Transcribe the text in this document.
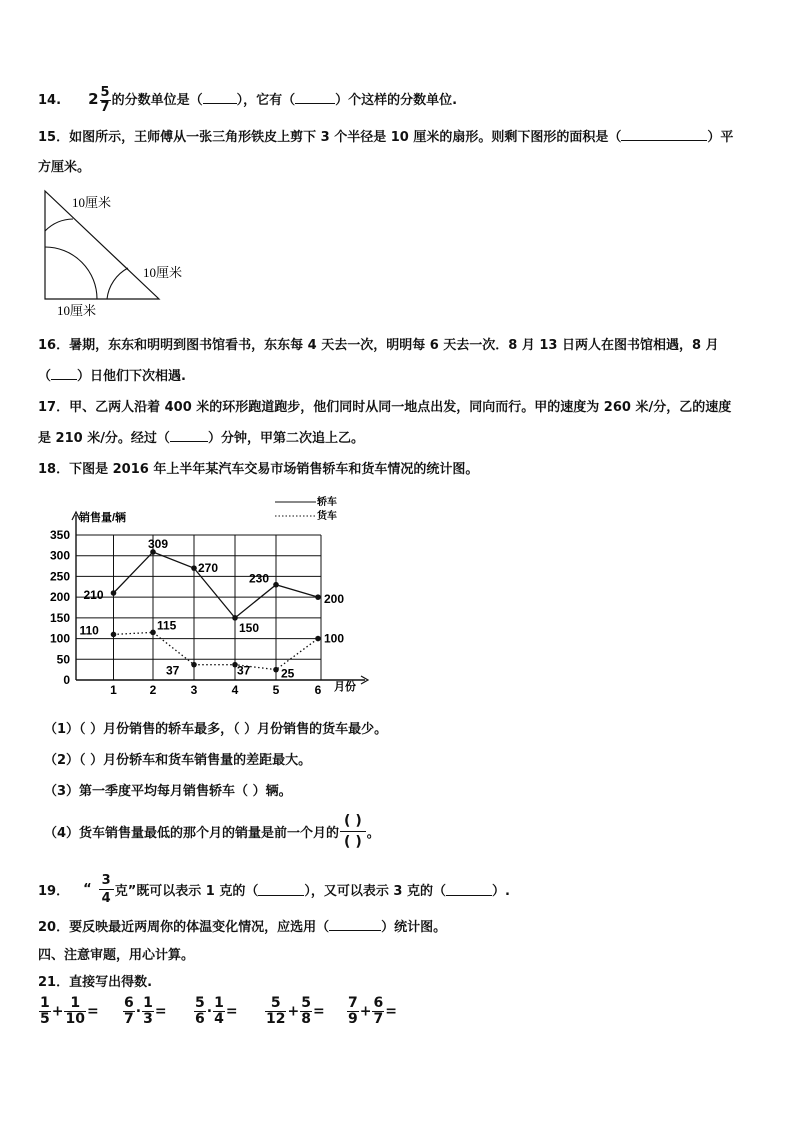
14. $2 \frac{5}{7}$ 的分数单位是（	），它有（	）个这样的分数单位.
15．如图所示，王师傅从一张三角形铁皮上剪下 3 个半径是 10 厘米的扇形。则剩下图形的面积是（	）平
方厘米。
10厘米
10厘米
10厘米
16．暑期，东东和明明到图书馆看书，东东每 4 天去一次，明明每 6 天去一次．8 月 13 日两人在图书馆相遇，8 月
（ ）日他们下次相遇.
17．甲、乙两人沿着 400 米的环形跑道跑步，他们同时从同一地点出发，同向而行。甲的速度为 260 米/分，乙的速度
是 210 米/分。经过（	）分钟，甲第二次追上乙。
18．下图是 2016 年上半年某汽车交易市场销售轿车和货车情况的统计图。
0
50
100
150
200
250
300
350
1	2	3	4	5	6
销售量/辆
月份
轿车
货车
210
309
270
150
230
200
110	115
37	37	25
100
（1）（ ）月份销售的轿车最多，（ ）月份销售的货车最少。
（2）（ ）月份轿车和货车销售量的差距最大。
（3）第一季度平均每月销售轿车（ ）辆。
（4）货车销售量最低的那个月的销量是前一个月的 $\frac{( )}{( )}$ 。
19． “ $\frac{3}{4}$ 克”既可以表示 1 克的（	），又可以表示 3 克的（	）.
20．要反映最近两周你的体温变化情况，应选用（	）统计图。
四、注意审题，用心计算。
21．直接写出得数.
$\frac{1}{5} + \frac{1}{10} = \frac{6}{7} \cdot \frac{1}{3} = \frac{5}{6} \cdot \frac{1}{4} = \frac{5}{12} + \frac{5}{8} = \frac{7}{9} + \frac{6}{7}$ =
